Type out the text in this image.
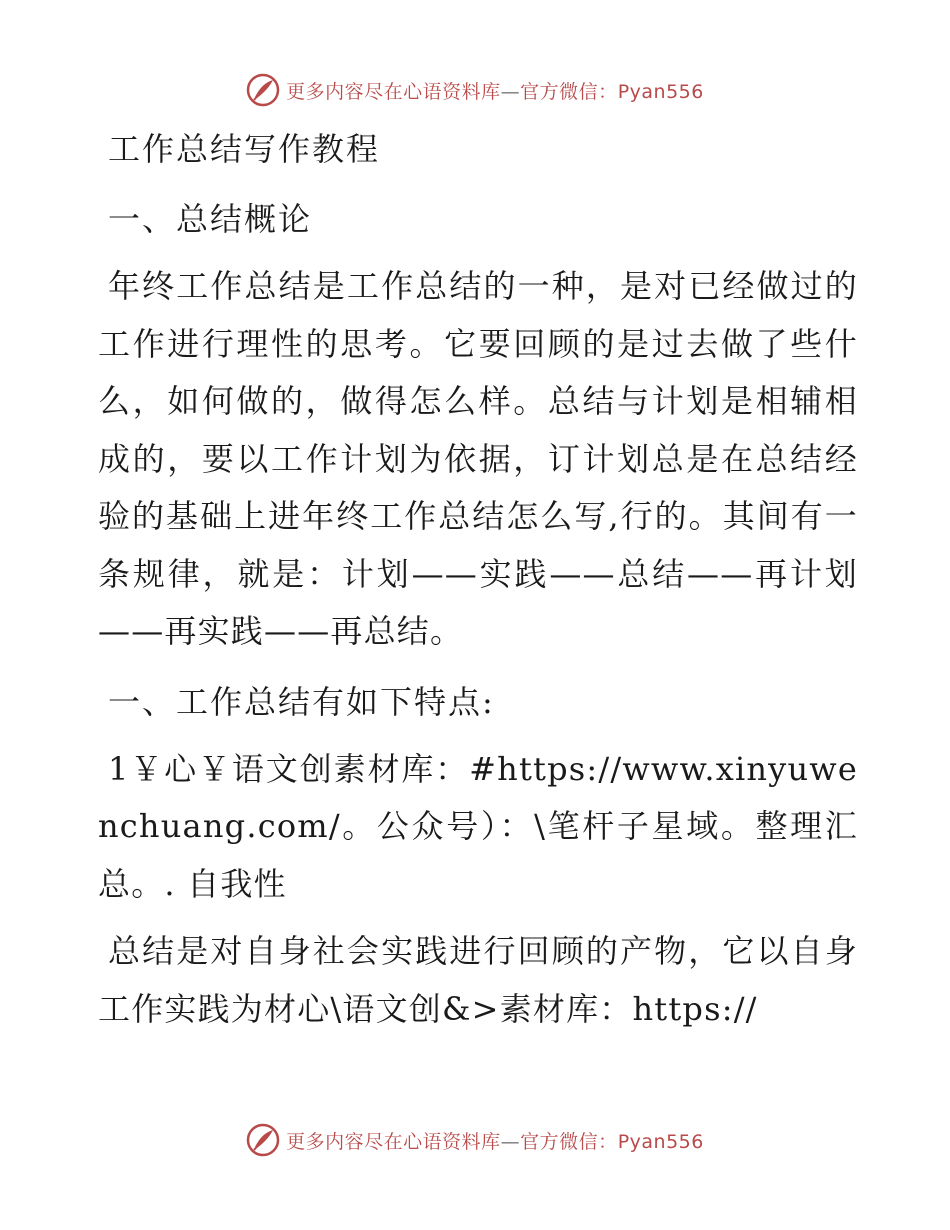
更多内容尽在心语资料库—官方微信：Pyan556
工作总结写作教程
一、总结概论

年终工作总结是工作总结的一种，是对已经做过的工作进行理性的思考。它要回顾的是过去做了些什么，如何做的，做得怎么样。总结与计划是相辅相成的，要以工作计划为依据，订计划总是在总结经验的基础上进年终工作总结怎么写,行的。其间有一条规律，就是：计划——实践——总结——再计划——再实践——再总结。

一、工作总结有如下特点:

1￥心￥语文创素材库：#https://www.xinyuwenchuang.com/。公众号）：\笔杆子星域。整理汇总。. 自我性

总结是对自身社会实践进行回顾的产物，它以自身工作实践为材心\语文创&>素材库：https://

更多内容尽在心语资料库—官方微信：Pyan556
